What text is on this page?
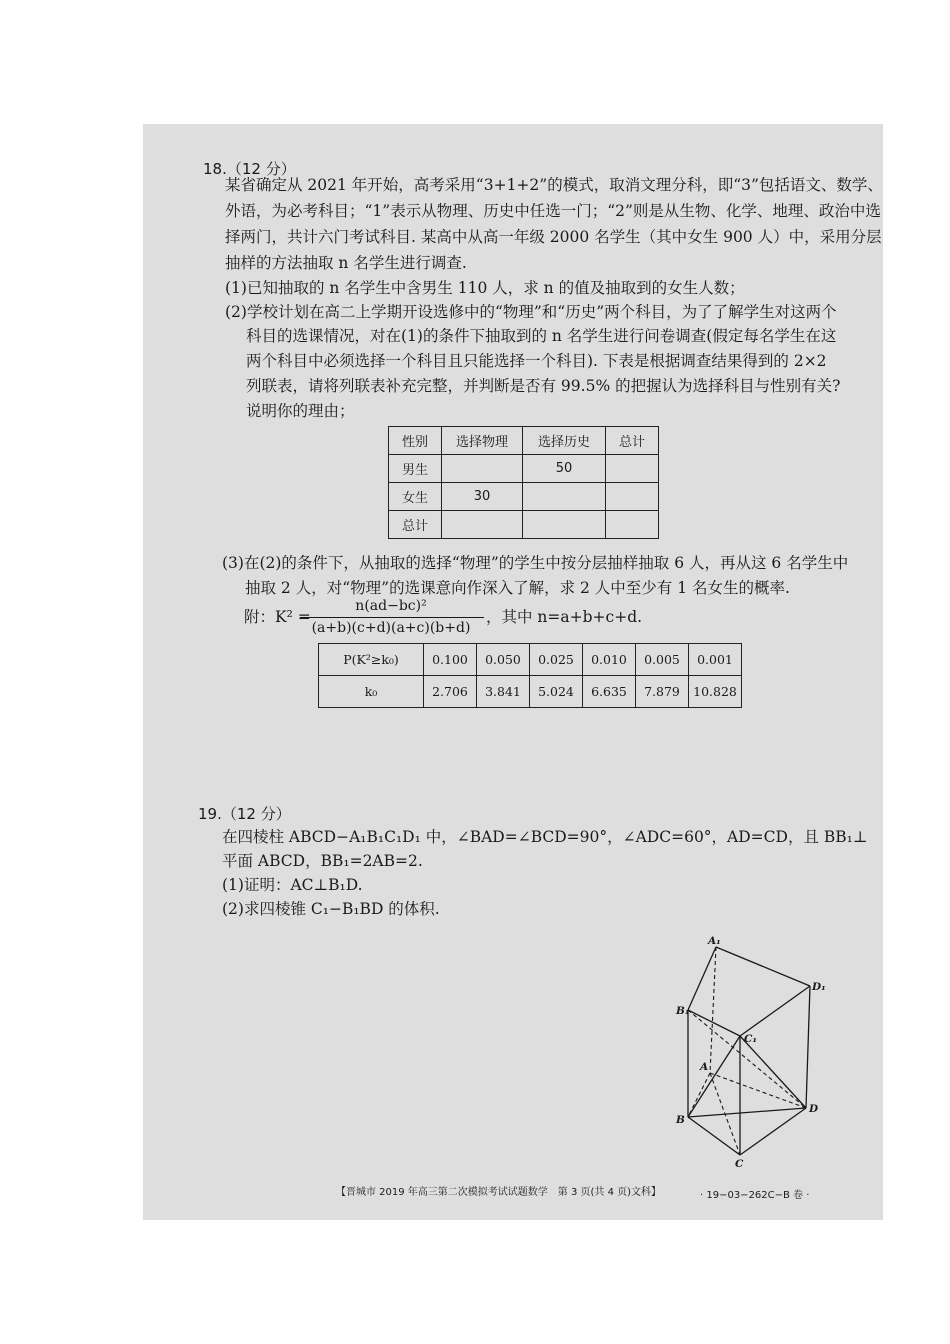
18.（12 分）
某省确定从 2021 年开始，高考采用“3+1+2”的模式，取消文理分科，即“3”包括语文、数学、
外语，为必考科目；“1”表示从物理、历史中任选一门；“2”则是从生物、化学、地理、政治中选
择两门，共计六门考试科目. 某高中从高一年级 2000 名学生（其中女生 900 人）中，采用分层
抽样的方法抽取 n 名学生进行调查.
(1)已知抽取的 n 名学生中含男生 110 人，求 n 的值及抽取到的女生人数；
(2)学校计划在高二上学期开设选修中的“物理”和“历史”两个科目，为了了解学生对这两个
科目的选课情况，对在(1)的条件下抽取到的 n 名学生进行问卷调查(假定每名学生在这
两个科目中必须选择一个科目且只能选择一个科目). 下表是根据调查结果得到的 2×2
列联表，请将列联表补充完整，并判断是否有 99.5% 的把握认为选择科目与性别有关?
说明你的理由；
性别	选择物理	选择历史	总计
男生		50	
女生	30		
总计			
(3)在(2)的条件下，从抽取的选择“物理”的学生中按分层抽样抽取 6 人，再从这 6 名学生中
抽取 2 人，对“物理”的选课意向作深入了解，求 2 人中至少有 1 名女生的概率.
附：K² =
n(ad−bc)²
(a+b)(c+d)(a+c)(b+d)
，其中 n=a+b+c+d.
P(K²≥k₀)	0.100	0.050	0.025	0.010	0.005	0.001
k₀	2.706	3.841	5.024	6.635	7.879	10.828
19.（12 分）
在四棱柱 ABCD−A₁B₁C₁D₁ 中，∠BAD=∠BCD=90°，∠ADC=60°，AD=CD，且 BB₁⊥
平面 ABCD，BB₁=2AB=2.
(1)证明：AC⊥B₁D.
(2)求四棱锥 C₁−B₁BD 的体积.
A₁
D₁
B₁
C₁
A
B
D
C
【晋城市 2019 年高三第二次模拟考试试题数学　第 3 页(共 4 页)文科】	· 19−03−262C−B 卷 ·
